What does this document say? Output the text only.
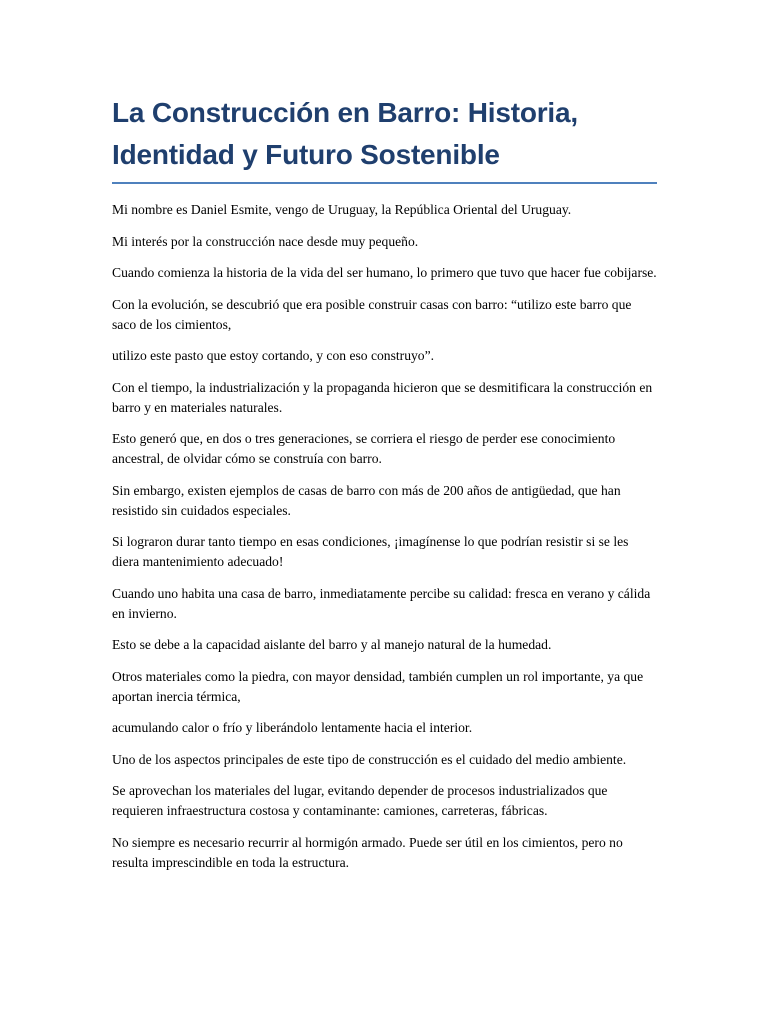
La Construcción en Barro: Historia, Identidad y Futuro Sostenible

Mi nombre es Daniel Esmite, vengo de Uruguay, la República Oriental del Uruguay.

Mi interés por la construcción nace desde muy pequeño.

Cuando comienza la historia de la vida del ser humano, lo primero que tuvo que hacer fue cobijarse.

Con la evolución, se descubrió que era posible construir casas con barro: “utilizo este barro que saco de los cimientos,

utilizo este pasto que estoy cortando, y con eso construyo”.

Con el tiempo, la industrialización y la propaganda hicieron que se desmitificara la construcción en barro y en materiales naturales.

Esto generó que, en dos o tres generaciones, se corriera el riesgo de perder ese conocimiento ancestral, de olvidar cómo se construía con barro.

Sin embargo, existen ejemplos de casas de barro con más de 200 años de antigüedad, que han resistido sin cuidados especiales.

Si lograron durar tanto tiempo en esas condiciones, ¡imagínense lo que podrían resistir si se les diera mantenimiento adecuado!

Cuando uno habita una casa de barro, inmediatamente percibe su calidad: fresca en verano y cálida en invierno.

Esto se debe a la capacidad aislante del barro y al manejo natural de la humedad.

Otros materiales como la piedra, con mayor densidad, también cumplen un rol importante, ya que aportan inercia térmica,

acumulando calor o frío y liberándolo lentamente hacia el interior.

Uno de los aspectos principales de este tipo de construcción es el cuidado del medio ambiente.

Se aprovechan los materiales del lugar, evitando depender de procesos industrializados que requieren infraestructura costosa y contaminante: camiones, carreteras, fábricas.

No siempre es necesario recurrir al hormigón armado. Puede ser útil en los cimientos, pero no resulta imprescindible en toda la estructura.
